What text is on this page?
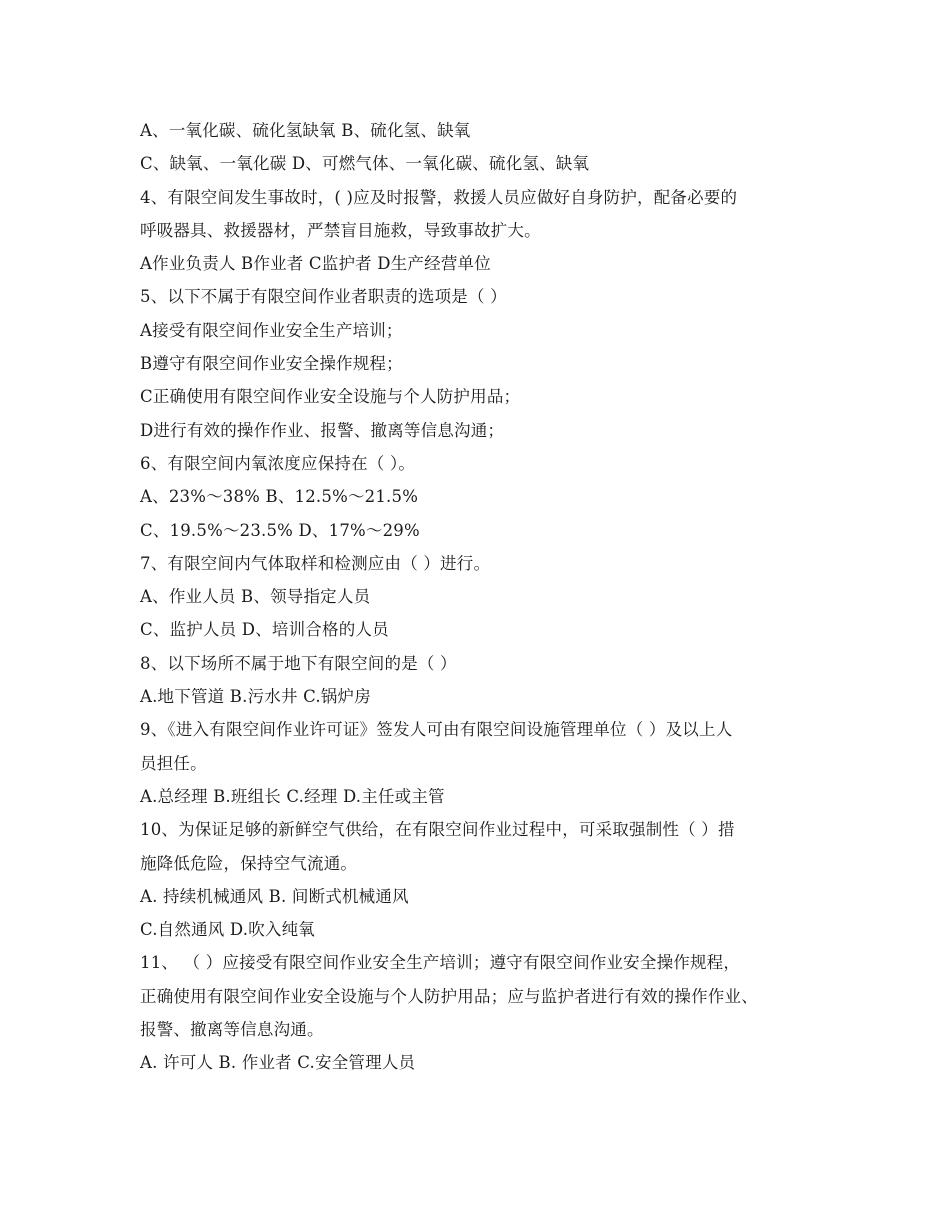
A、一氧化碳、硫化氢缺氧 B、硫化氢、缺氧
C、缺氧、一氧化碳 D、可燃气体、一氧化碳、硫化氢、缺氧
4、有限空间发生事故时，( )应及时报警，救援人员应做好自身防护，配备必要的
呼吸器具、救援器材，严禁盲目施救，导致事故扩大。
A作业负责人 B作业者 C监护者 D生产经营单位
5、以下不属于有限空间作业者职责的选项是（ ）
A接受有限空间作业安全生产培训；
B遵守有限空间作业安全操作规程；
C正确使用有限空间作业安全设施与个人防护用品；
D进行有效的操作作业、报警、撤离等信息沟通；
6、有限空间内氧浓度应保持在（ ）。
A、23%～38% B、12.5%～21.5%
C、19.5%～23.5% D、17%～29%
7、有限空间内气体取样和检测应由（ ）进行。
A、作业人员 B、领导指定人员
C、监护人员 D、培训合格的人员
8、以下场所不属于地下有限空间的是（ ）
A.地下管道 B.污水井 C.锅炉房
9、《进入有限空间作业许可证》签发人可由有限空间设施管理单位（ ）及以上人
员担任。
A.总经理 B.班组长 C.经理 D.主任或主管
10、为保证足够的新鲜空气供给，在有限空间作业过程中，可采取强制性（ ）措
施降低危险，保持空气流通。
A. 持续机械通风 B. 间断式机械通风
C.自然通风 D.吹入纯氧
11、 （ ）应接受有限空间作业安全生产培训；遵守有限空间作业安全操作规程，
正确使用有限空间作业安全设施与个人防护用品；应与监护者进行有效的操作作业、
报警、撤离等信息沟通。
A. 许可人 B. 作业者 C.安全管理人员
